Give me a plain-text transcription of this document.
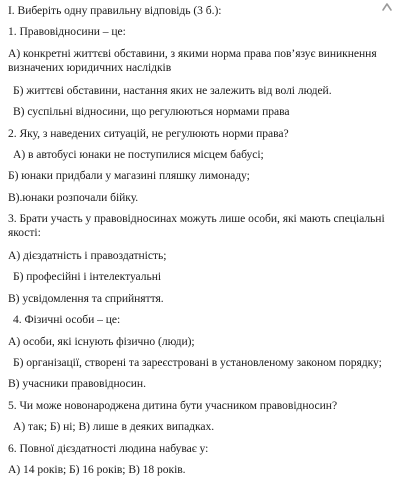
І. Виберіть одну правильну відповідь (3 б.):
1. Правовідносини – це:
А) конкретні життєві обставини, з якими норма права пов’язує виникнення визначених юридичних наслідків
Б) життєві обставини, настання яких не залежить від волі людей.
В) суспільні відносини, що регулюються нормами права
2. Яку, з наведених ситуацій, не регулюють норми права?
А) в автобусі юнаки не поступилися місцем бабусі;
Б) юнаки придбали у магазині пляшку лимонаду;
В).юнаки розпочали бійку.
3. Брати участь у правовідносинах можуть лише особи, які мають спеціальні якості:
А) дієздатність і правоздатність;
Б) професійні і інтелектуальні
В) усвідомлення та сприйняття.
4. Фізичні особи – це:
А) особи, які існують фізично (люди);
Б) організації, створені та зареєстровані в установленому законом порядку;
В) учасники правовідносин.
5. Чи може новонароджена дитина бути учасником правовідносин?
А) так; Б) ні; В) лише в деяких випадках.
6. Повної дієздатності людина набуває у:
А) 14 років; Б) 16 років; В) 18 років.
